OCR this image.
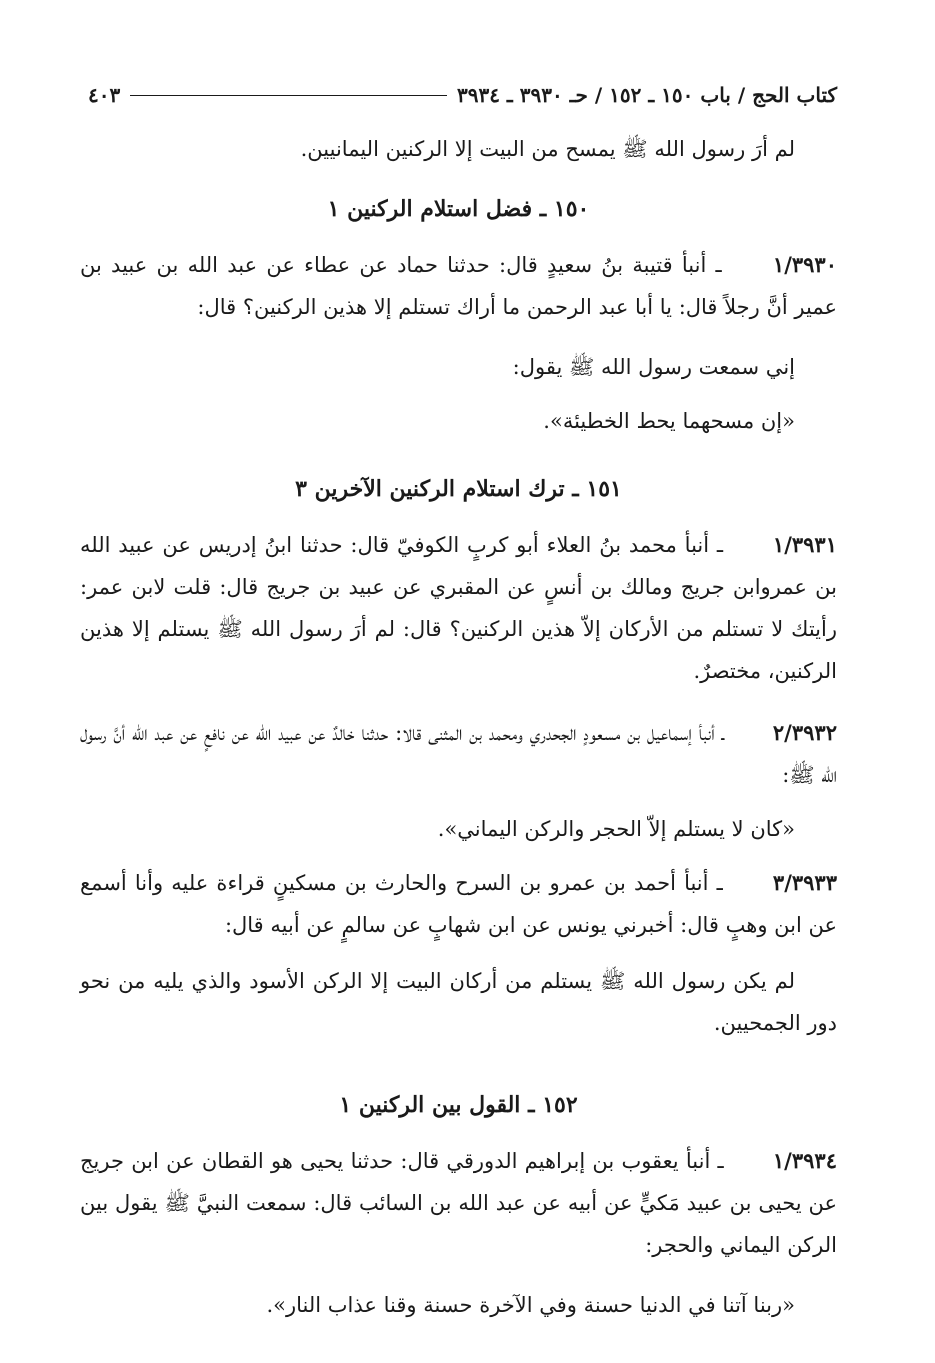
كتاب الحج / باب ١٥٠ ـ ١٥٢ / حـ ٣٩٣٠ ـ ٣٩٣٤
٤٠٣

لم أرَ رسول الله ﷺ يمسح من البيت إلا الركنين اليمانيين.

١٥٠ ـ فضل استلام الركنين ١

١/٣٩٣٠ ـ أنبأ قتيبة بنُ سعيدٍ قال: حدثنا حماد عن عطاء عن عبد الله بن عبيد بن عمير أنَّ رجلاً قال: يا أبا عبد الرحمن ما أراك تستلم إلا هذين الركنين؟ قال:

إني سمعت رسول الله ﷺ يقول:

«إن مسحهما يحط الخطيئة».

١٥١ ـ ترك استلام الركنين الآخرين ٣

١/٣٩٣١ ـ أنبأ محمد بنُ العلاء أبو كربٍ الكوفيّ قال: حدثنا ابنُ إدريس عن عبيد الله بن عمروابن جريج ومالك بن أنسٍ عن المقبري عن عبيد بن جريج قال: قلت لابن عمر: رأيتك لا تستلم من الأركان إلاّ هذين الركنين؟ قال: لم أرَ رسول الله ﷺ يستلم إلا هذين الركنين، مختصرٌ.

٢/٣٩٣٢ ـ أنبأ إسماعيل بن مسعودٍ الجحدري ومحمد بن المثنى قالا: حدثنا خالدٌ عن عبيد الله عن نافعٍ عن عبد الله أنَّ رسول الله ﷺ:

«كان لا يستلم إلاّ الحجر والركن اليماني».

٣/٣٩٣٣ ـ أنبأ أحمد بن عمرو بن السرح والحارث بن مسكينٍ قراءة عليه وأنا أسمع عن ابن وهبٍ قال: أخبرني يونس عن ابن شهابٍ عن سالمٍ عن أبيه قال:

لم يكن رسول الله ﷺ يستلم من أركان البيت إلا الركن الأسود والذي يليه من نحو دور الجمحيين.

١٥٢ ـ القول بين الركنين ١

١/٣٩٣٤ ـ أنبأ يعقوب بن إبراهيم الدورقي قال: حدثنا يحيى هو القطان عن ابن جريج عن يحيى بن عبيد مَكيٍّ عن أبيه عن عبد الله بن السائب قال: سمعت النبيَّ ﷺ يقول بين الركن اليماني والحجر:

«ربنا آتنا في الدنيا حسنة وفي الآخرة حسنة وقنا عذاب النار».
